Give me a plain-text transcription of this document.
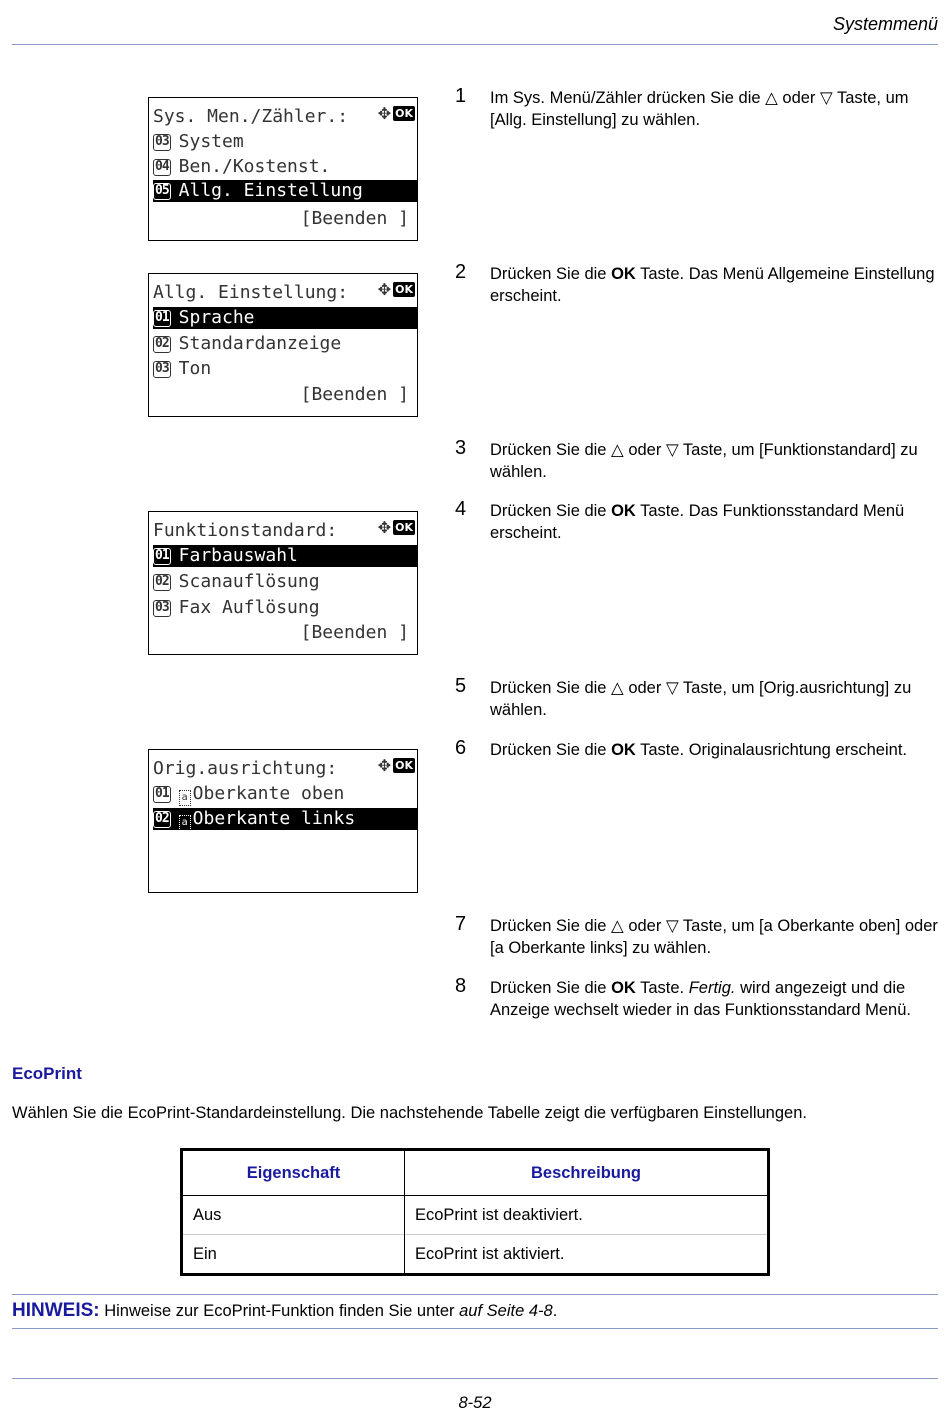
Systemmenü
Sys. Men./Zähler.:	✥ OK
03 System
04 Ben./Kostenst.
05 Allg. Einstellung
[Beenden ]
Allg. Einstellung:	✥ OK
01 Sprache
02 Standardanzeige
03 Ton
[Beenden ]
Funktionstandard:	✥ OK
01 Farbauswahl
02 Scanauflösung
03 Fax Auflösung
[Beenden ]
Orig.ausrichtung:	✥ OK
01 a Oberkante oben
02 a Oberkante links
1 Im Sys. Menü/Zähler drücken Sie die △ oder ▽ Taste, um [Allg. Einstellung] zu wählen.
2 Drücken Sie die OK Taste. Das Menü Allgemeine Einstellung erscheint.
3 Drücken Sie die △ oder ▽ Taste, um [Funktionstandard] zu wählen.
4 Drücken Sie die OK Taste. Das Funktionsstandard Menü erscheint.
5 Drücken Sie die △ oder ▽ Taste, um [Orig.ausrichtung] zu wählen.
6 Drücken Sie die OK Taste. Originalausrichtung erscheint.
7 Drücken Sie die △ oder ▽ Taste, um [a Oberkante oben] oder [a Oberkante links] zu wählen.
8 Drücken Sie die OK Taste. Fertig. wird angezeigt und die Anzeige wechselt wieder in das Funktionsstandard Menü.
EcoPrint
Wählen Sie die EcoPrint-Standardeinstellung. Die nachstehende Tabelle zeigt die verfügbaren Einstellungen.
Eigenschaft	Beschreibung
Aus	EcoPrint ist deaktiviert.
Ein	EcoPrint ist aktiviert.
HINWEIS: Hinweise zur EcoPrint-Funktion finden Sie unter auf Seite 4-8.
8-52
